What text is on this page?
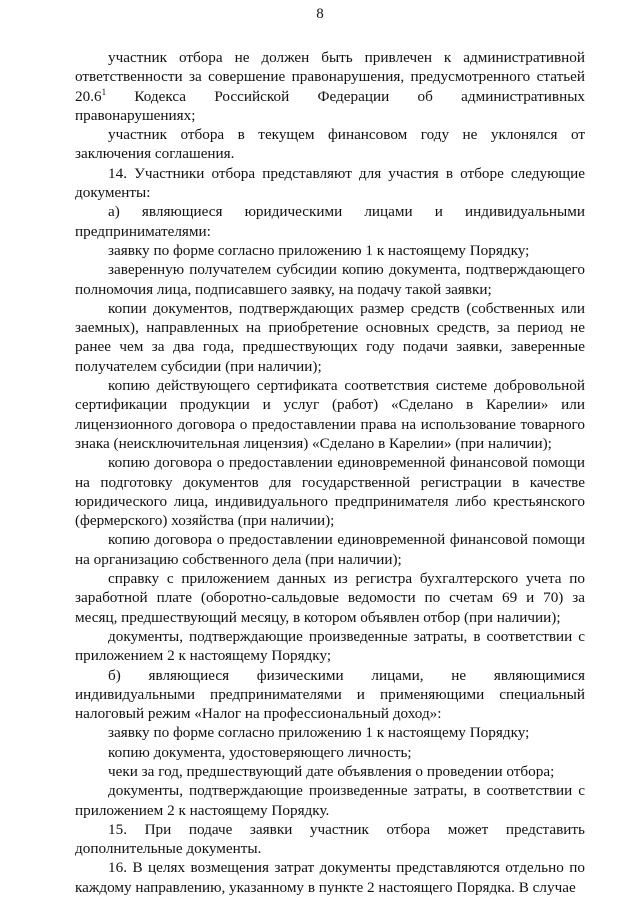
8

участник отбора не должен быть привлечен к административной ответственности за совершение правонарушения, предусмотренного статьей 20.6$^1$ Кодекса Российской Федерации об административных правонарушениях;

участник отбора в текущем финансовом году не уклонялся от заключения соглашения.

14. Участники отбора представляют для участия в отборе следующие документы:

а) являющиеся юридическими лицами и индивидуальными предпринимателями:

заявку по форме согласно приложению 1 к настоящему Порядку;

заверенную получателем субсидии копию документа, подтверждающего полномочия лица, подписавшего заявку, на подачу такой заявки;

копии документов, подтверждающих размер средств (собственных или заемных), направленных на приобретение основных средств, за период не ранее чем за два года, предшествующих году подачи заявки, заверенные получателем субсидии (при наличии);

копию действующего сертификата соответствия системе добровольной сертификации продукции и услуг (работ) «Сделано в Карелии» или лицензионного договора о предоставлении права на использование товарного знака (неисключительная лицензия) «Сделано в Карелии» (при наличии);

копию договора о предоставлении единовременной финансовой помощи на подготовку документов для государственной регистрации в качестве юридического лица, индивидуального предпринимателя либо крестьянского (фермерского) хозяйства (при наличии);

копию договора о предоставлении единовременной финансовой помощи на организацию собственного дела (при наличии);

справку с приложением данных из регистра бухгалтерского учета по заработной плате (оборотно-сальдовые ведомости по счетам 69 и 70) за месяц, предшествующий месяцу, в котором объявлен отбор (при наличии);

документы, подтверждающие произведенные затраты, в соответствии с приложением 2 к настоящему Порядку;

б) являющиеся физическими лицами, не являющимися индивидуальными предпринимателями и применяющими специальный налоговый режим «Налог на профессиональный доход»:

заявку по форме согласно приложению 1 к настоящему Порядку;

копию документа, удостоверяющего личность;

чеки за год, предшествующий дате объявления о проведении отбора;

документы, подтверждающие произведенные затраты, в соответствии с приложением 2 к настоящему Порядку.

15. При подаче заявки участник отбора может представить дополнительные документы.

16. В целях возмещения затрат документы представляются отдельно по каждому направлению, указанному в пункте 2 настоящего Порядка. В случае
